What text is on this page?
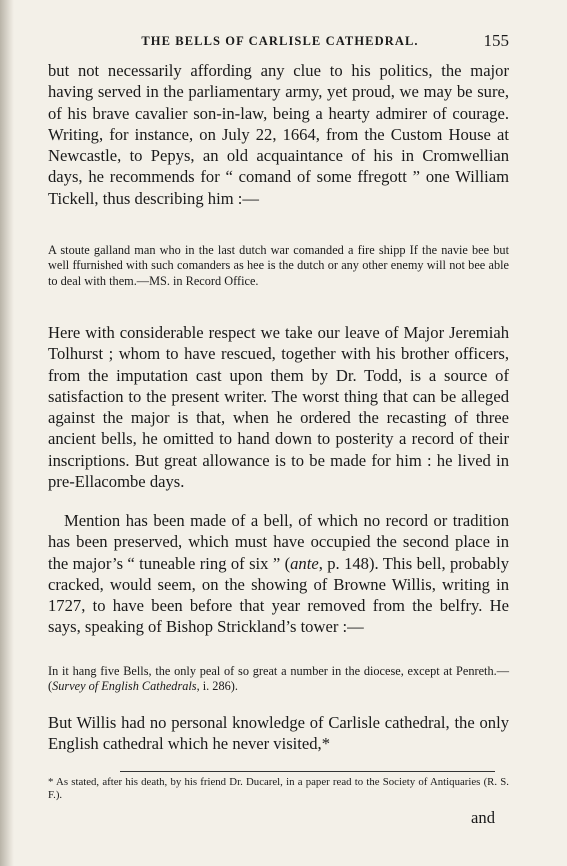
THE BELLS OF CARLISLE CATHEDRAL.	155

but not necessarily affording any clue to his politics, the major having served in the parliamentary army, yet proud, we may be sure, of his brave cavalier son-in-law, being a hearty admirer of courage. Writing, for instance, on July 22, 1664, from the Custom House at Newcastle, to Pepys, an old acquaintance of his in Cromwellian days, he recommends for “ comand of some ffregott ” one William Tickell, thus describing him :—

A stoute galland man who in the last dutch war comanded a fire shipp If the navie bee but well ffurnished with such comanders as hee is the dutch or any other enemy will not bee able to deal with them.—MS. in Record Office.

Here with considerable respect we take our leave of Major Jeremiah Tolhurst ; whom to have rescued, together with his brother officers, from the imputation cast upon them by Dr. Todd, is a source of satisfaction to the present writer. The worst thing that can be alleged against the major is that, when he ordered the recasting of three ancient bells, he omitted to hand down to posterity a record of their inscriptions. But great allowance is to be made for him : he lived in pre-Ellacombe days.

Mention has been made of a bell, of which no record or tradition has been preserved, which must have occupied the second place in the major’s “ tuneable ring of six ” (ante, p. 148). This bell, probably cracked, would seem, on the showing of Browne Willis, writing in 1727, to have been before that year removed from the belfry. He says, speaking of Bishop Strickland’s tower :—

In it hang five Bells, the only peal of so great a number in the diocese, except at Penreth.—(Survey of English Cathedrals, i. 286).

But Willis had no personal knowledge of Carlisle cathedral, the only English cathedral which he never visited,*

* As stated, after his death, by his friend Dr. Ducarel, in a paper read to the Society of Antiquaries (R. S. F.).

and
